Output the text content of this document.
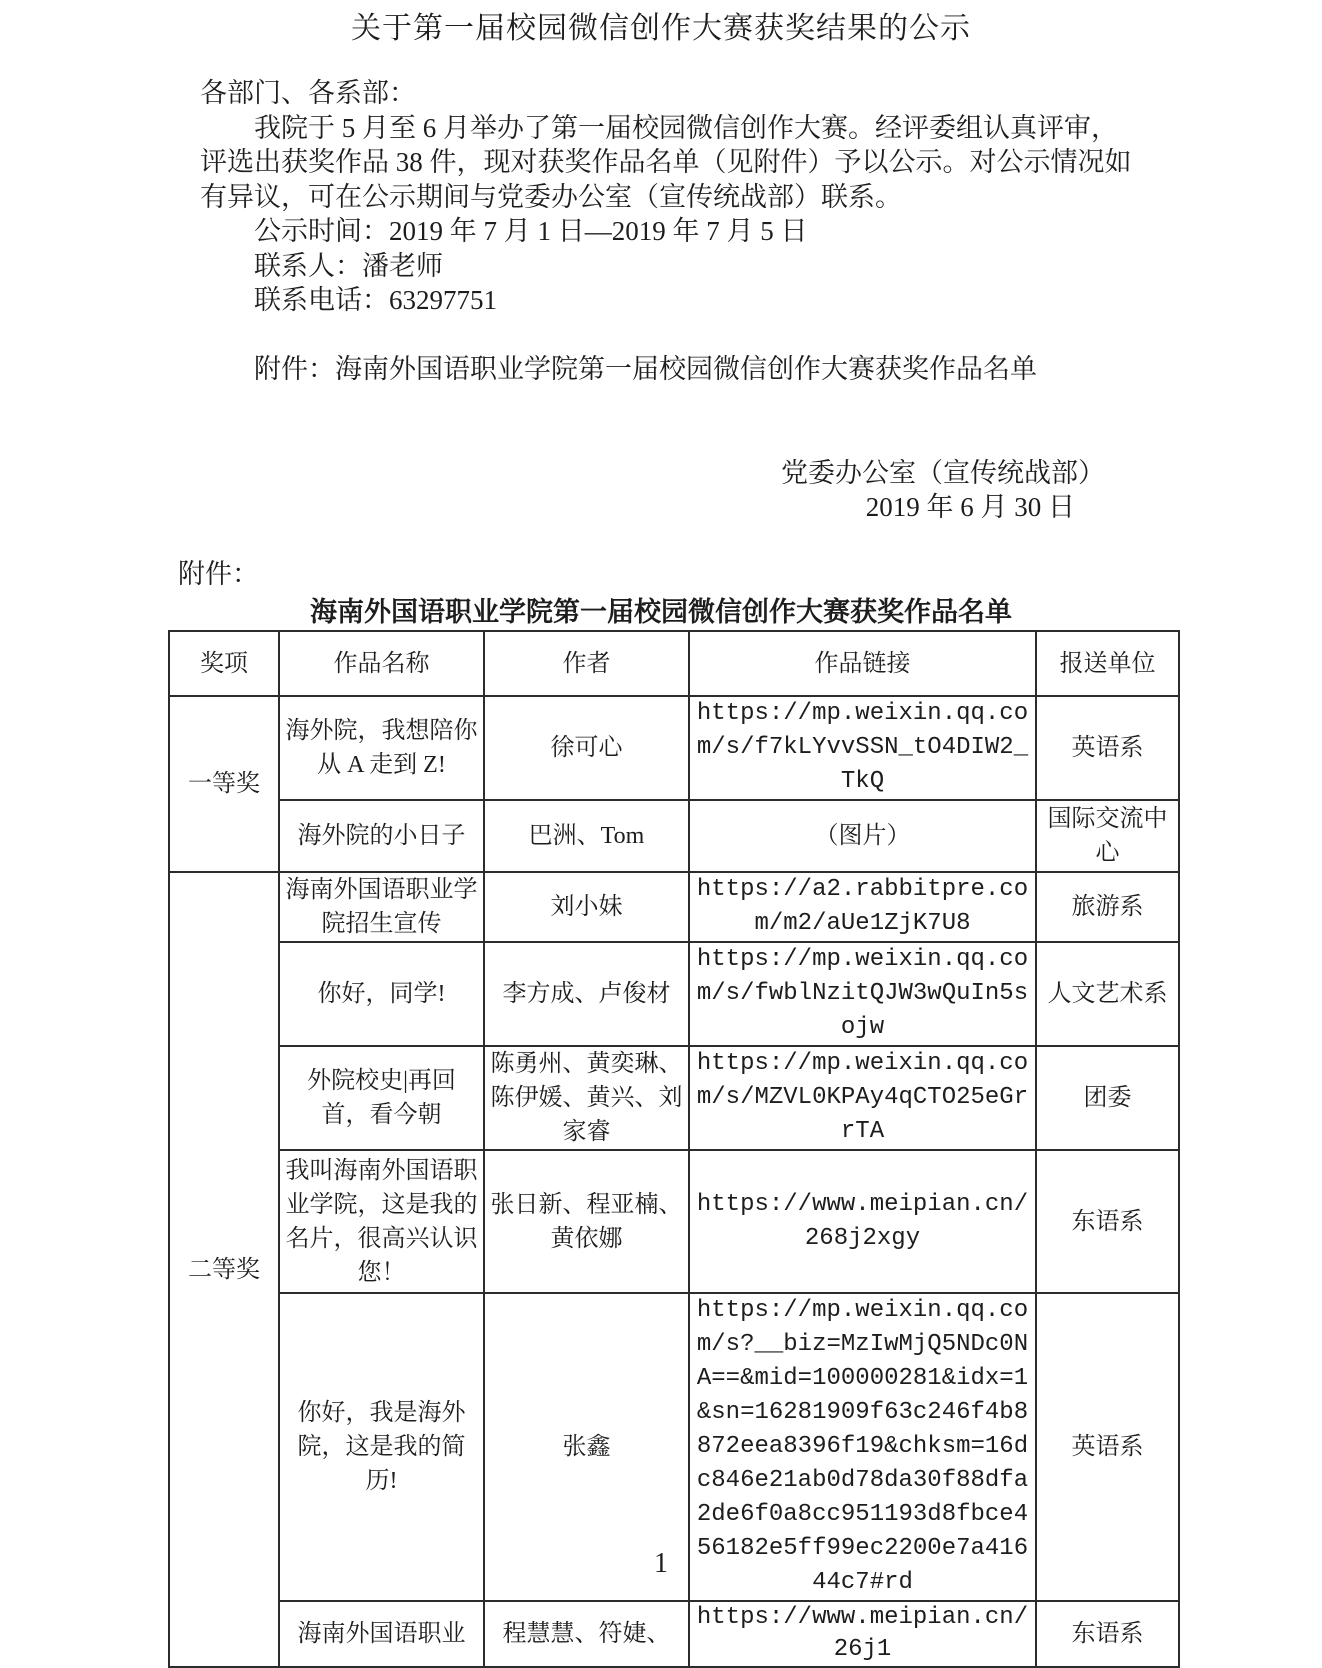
关于第一届校园微信创作大赛获奖结果的公示
各部门、各系部：
我院于 5 月至 6 月举办了第一届校园微信创作大赛。经评委组认真评审，
评选出获奖作品 38 件，现对获奖作品名单（见附件）予以公示。对公示情况如
有异议，可在公示期间与党委办公室（宣传统战部）联系。
公示时间：2019 年 7 月 1 日—2019 年 7 月 5 日
联系人：潘老师
联系电话：63297751
附件：海南外国语职业学院第一届校园微信创作大赛获奖作品名单
党委办公室（宣传统战部）
2019 年 6 月 30 日
附件：
海南外国语职业学院第一届校园微信创作大赛获奖作品名单
奖项	作品名称	作者	作品链接	报送单位
一等奖	海外院，我想陪你从 A 走到 Z!	徐可心	https://mp.weixin.qq.com/s/f7kLYvvSSN_tO4DIW2_TkQ	英语系
	海外院的小日子	巴洲、Tom	（图片）	国际交流中心
二等奖	海南外国语职业学院招生宣传	刘小妹	https://a2.rabbitpre.com/m2/aUe1ZjK7U8	旅游系
	你好，同学!	李方成、卢俊材	https://mp.weixin.qq.com/s/fwblNzitQJW3wQuIn5sojw	人文艺术系
	外院校史|再回首，看今朝	陈勇州、黄奕琳、陈伊媛、黄兴、刘家睿	https://mp.weixin.qq.com/s/MZVL0KPAy4qCTO25eGrrTA	团委
	我叫海南外国语职业学院，这是我的名片，很高兴认识您！	张日新、程亚楠、黄依娜	https://www.meipian.cn/268j2xgy	东语系
	你好，我是海外院，这是我的简历!	张鑫	https://mp.weixin.qq.com/s?__biz=MzIwMjQ5NDc0NA==&mid=100000281&idx=1&sn=16281909f63c246f4b8872eea8396f19&chksm=16dc846e21ab0d78da30f88dfa2de6f0a8cc951193d8fbce456182e5ff99ec2200e7a41644c7#rd	英语系
	海南外国语职业	程慧慧、符婕、	https://www.meipian.cn/26j1	东语系
1
